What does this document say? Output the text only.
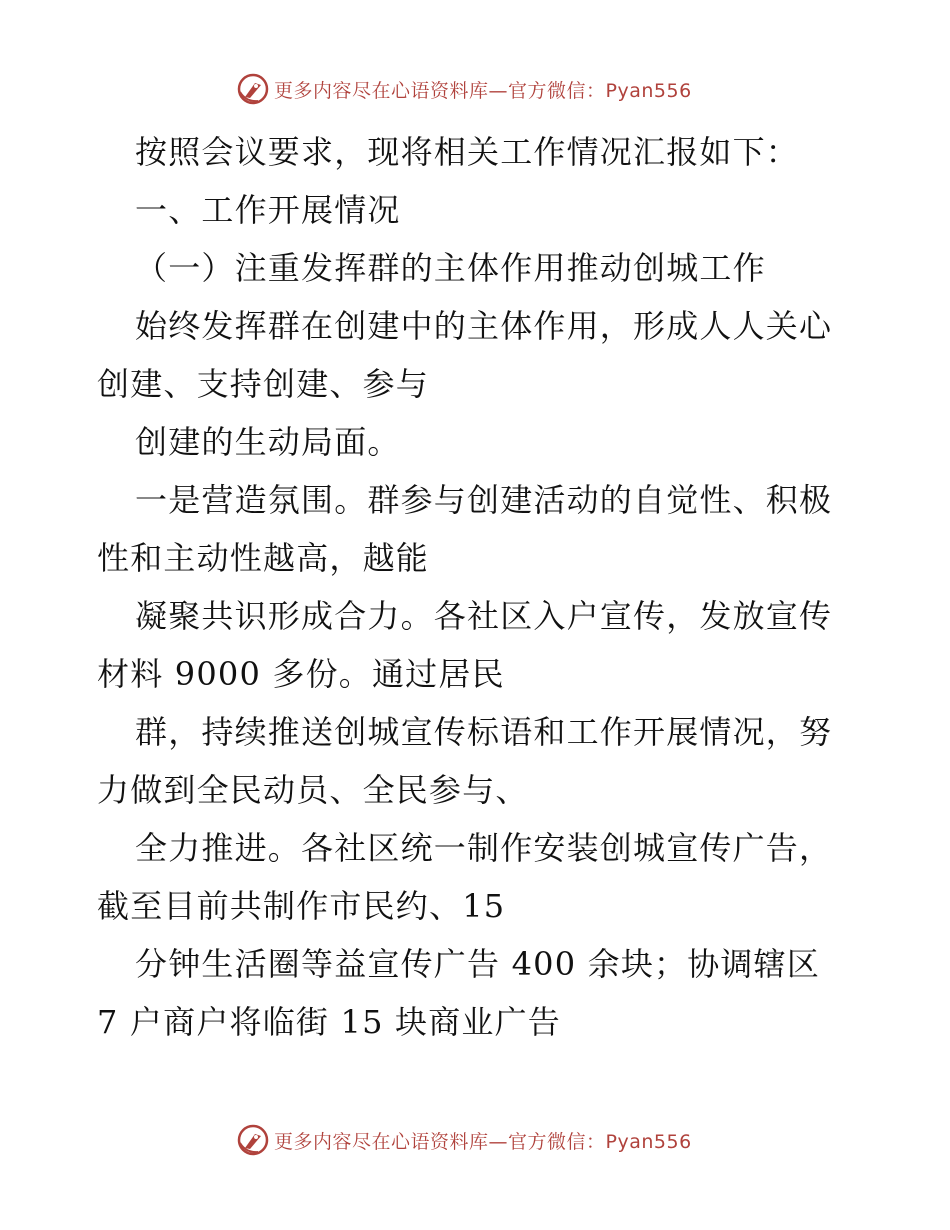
更多内容尽在心语资料库—官方微信：Pyan556
按照会议要求，现将相关工作情况汇报如下：
一、工作开展情况
（一）注重发挥群的主体作用推动创城工作
始终发挥群在创建中的主体作用，形成人人关心
创建、支持创建、参与
创建的生动局面。
一是营造氛围。群参与创建活动的自觉性、积极
性和主动性越高，越能
凝聚共识形成合力。各社区入户宣传，发放宣传
材料 9000 多份。通过居民
群，持续推送创城宣传标语和工作开展情况，努
力做到全民动员、全民参与、
全力推进。各社区统一制作安装创城宣传广告，
截至目前共制作市民约、15
分钟生活圈等益宣传广告 400 余块；协调辖区
7 户商户将临街 15 块商业广告
更多内容尽在心语资料库—官方微信：Pyan556
